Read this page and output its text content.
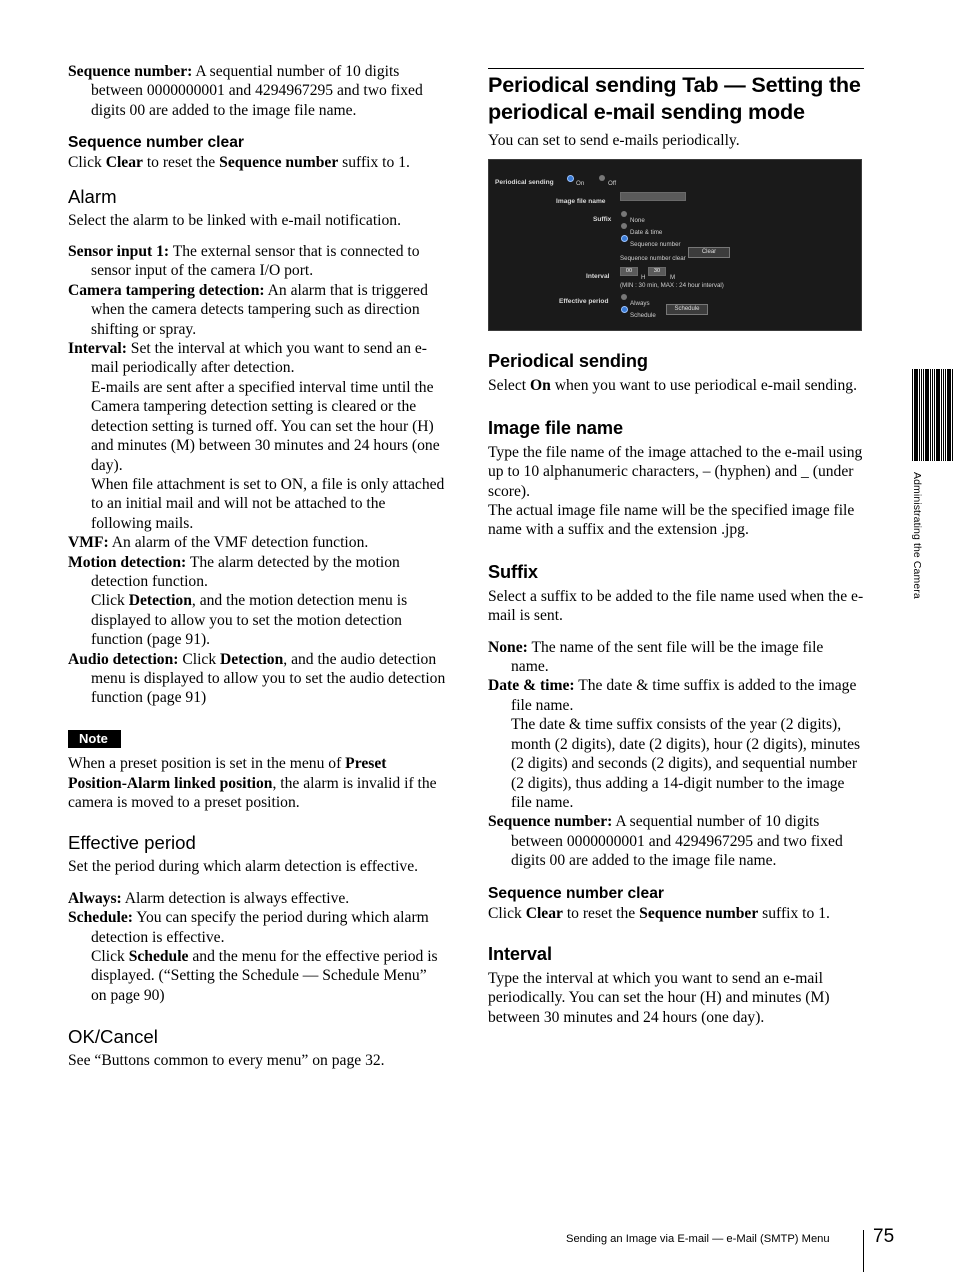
Sequence number: A sequential number of 10 digits between 0000000001 and 4294967295 and two fixed digits 00 are added to the image file name.

Sequence number clear

Click Clear to reset the Sequence number suffix to 1.

Alarm

Select the alarm to be linked with e-mail notification.

Sensor input 1: The external sensor that is connected to sensor input of the camera I/O port.

Camera tampering detection: An alarm that is triggered when the camera detects tampering such as direction shifting or spray.

Interval: Set the interval at which you want to send an e-mail periodically after detection.

E-mails are sent after a specified interval time until the Camera tampering detection setting is cleared or the detection setting is turned off. You can set the hour (H) and minutes (M) between 30 minutes and 24 hours (one day).

When file attachment is set to ON, a file is only attached to an initial mail and will not be attached to the following mails.

VMF: An alarm of the VMF detection function.

Motion detection: The alarm detected by the motion detection function.

Click Detection, and the motion detection menu is displayed to allow you to set the motion detection function (page 91).

Audio detection: Click Detection, and the audio detection menu is displayed to allow you to set the audio detection function (page 91)

Note

When a preset position is set in the menu of Preset Position-Alarm linked position, the alarm is invalid if the camera is moved to a preset position.

Effective period

Set the period during which alarm detection is effective.

Always: Alarm detection is always effective.

Schedule: You can specify the period during which alarm detection is effective.

Click Schedule and the menu for the effective period is displayed. (“Setting the Schedule — Schedule Menu” on page 90)

OK/Cancel

See “Buttons common to every menu” on page 32.

Periodical sending Tab — Setting the periodical e-mail sending mode

You can set to send e-mails periodically.

Periodical sending	On	Off
Image file name
Suffix	None
Date & time
Sequence number
Sequence number clear
Clear
Interval
00
H
30
M
(MIN : 30 min, MAX : 24 hour interval)
Effective period	Always
Schedule
Schedule
Periodical sending

Select On when you want to use periodical e-mail sending.

Image file name

Type the file name of the image attached to the e-mail using up to 10 alphanumeric characters, – (hyphen) and _ (under score).

The actual image file name will be the specified image file name with a suffix and the extension .jpg.

Suffix

Select a suffix to be added to the file name used when the e-mail is sent.

None: The name of the sent file will be the image file name.

Date & time: The date & time suffix is added to the image file name.

The date & time suffix consists of the year (2 digits), month (2 digits), date (2 digits), hour (2 digits), minutes (2 digits) and seconds (2 digits), and sequential number (2 digits), thus adding a 14-digit number to the image file name.

Sequence number: A sequential number of 10 digits between 0000000001 and 4294967295 and two fixed digits 00 are added to the image file name.

Sequence number clear

Click Clear to reset the Sequence number suffix to 1.

Interval

Type the interval at which you want to send an e-mail periodically. You can set the hour (H) and minutes (M) between 30 minutes and 24 hours (one day).

Administrating the Camera
Sending an Image via E-mail — e-Mail (SMTP) Menu 75
